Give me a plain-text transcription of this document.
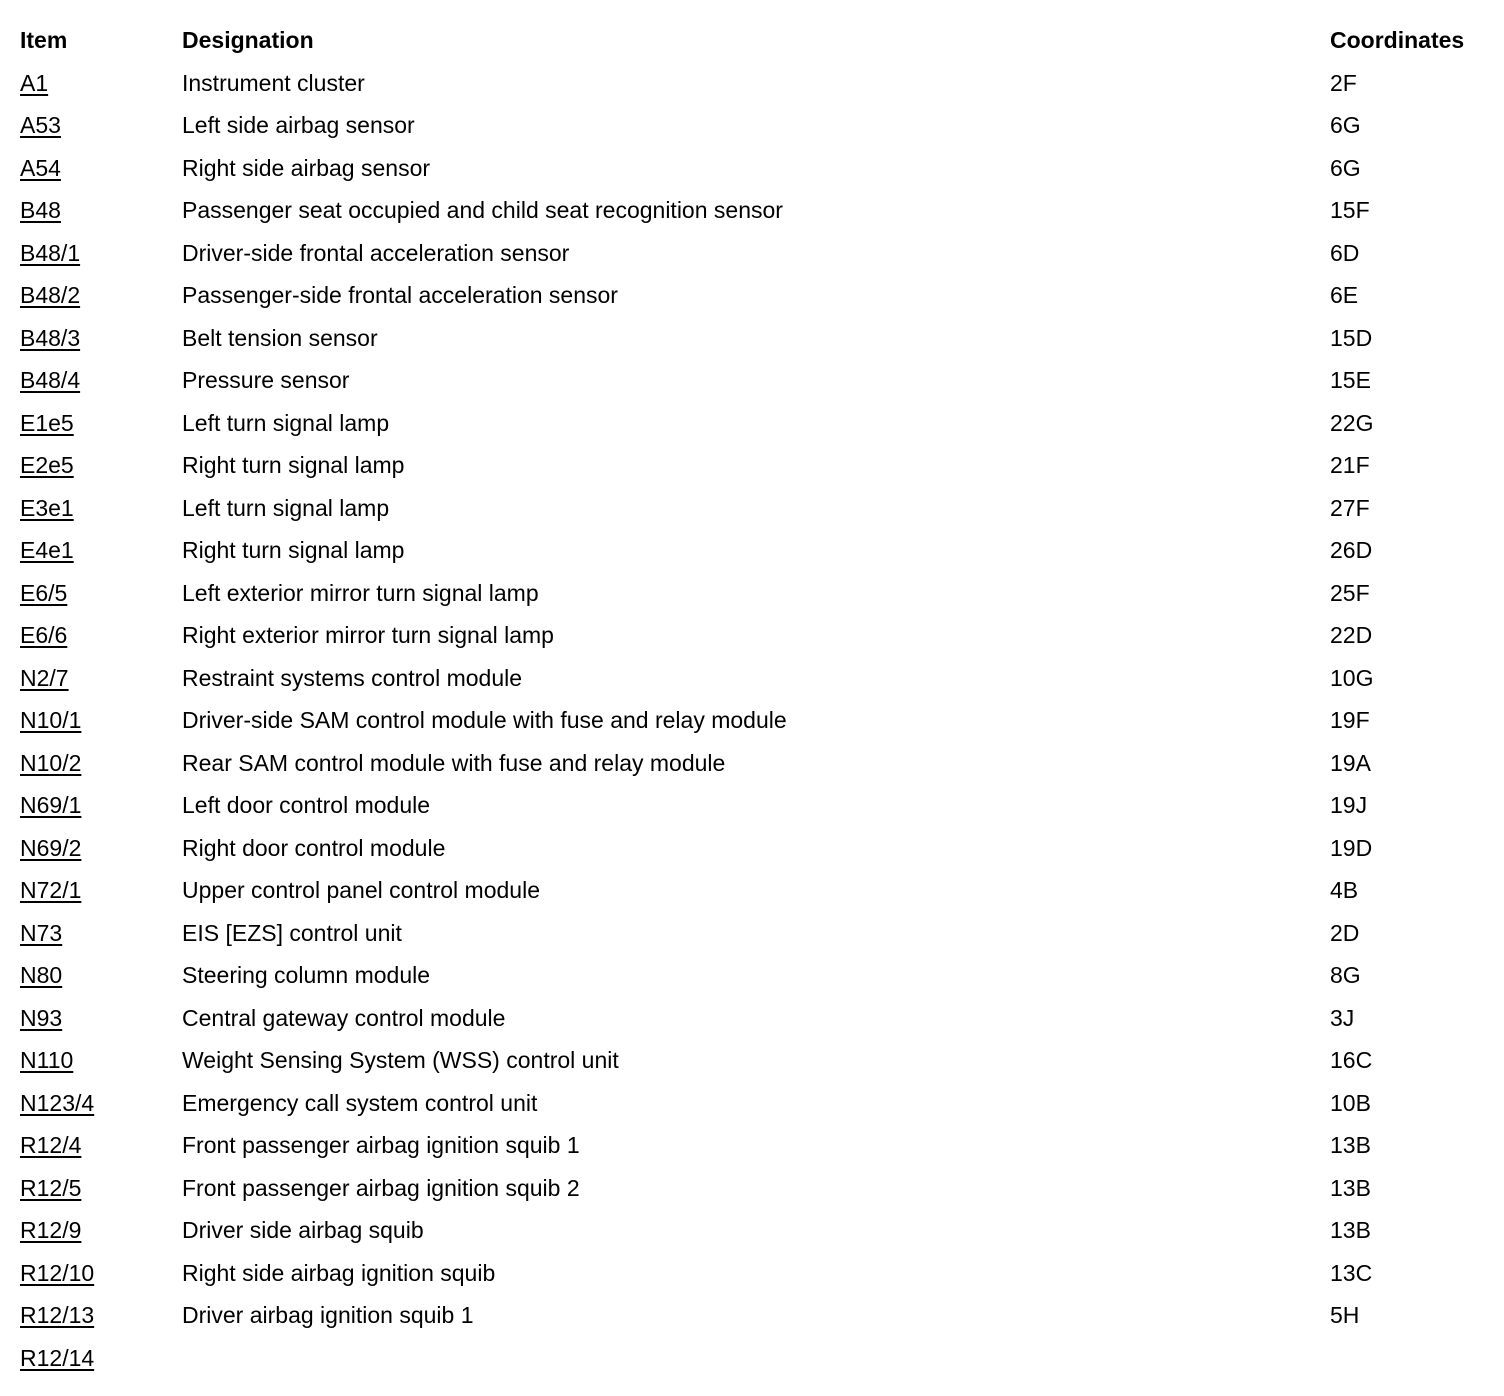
Item	Designation	Coordinates
A1	Instrument cluster	2F
A53	Left side airbag sensor	6G
A54	Right side airbag sensor	6G
B48	Passenger seat occupied and child seat recognition sensor	15F
B48/1	Driver-side frontal acceleration sensor	6D
B48/2	Passenger-side frontal acceleration sensor	6E
B48/3	Belt tension sensor	15D
B48/4	Pressure sensor	15E
E1e5	Left turn signal lamp	22G
E2e5	Right turn signal lamp	21F
E3e1	Left turn signal lamp	27F
E4e1	Right turn signal lamp	26D
E6/5	Left exterior mirror turn signal lamp	25F
E6/6	Right exterior mirror turn signal lamp	22D
N2/7	Restraint systems control module	10G
N10/1	Driver-side SAM control module with fuse and relay module	19F
N10/2	Rear SAM control module with fuse and relay module	19A
N69/1	Left door control module	19J
N69/2	Right door control module	19D
N72/1	Upper control panel control module	4B
N73	EIS [EZS] control unit	2D
N80	Steering column module	8G
N93	Central gateway control module	3J
N110	Weight Sensing System (WSS) control unit	16C
N123/4	Emergency call system control unit	10B
R12/4	Front passenger airbag ignition squib 1	13B
R12/5	Front passenger airbag ignition squib 2	13B
R12/9	Driver side airbag squib	13B
R12/10	Right side airbag ignition squib	13C
R12/13	Driver airbag ignition squib 1	5H
R12/14
